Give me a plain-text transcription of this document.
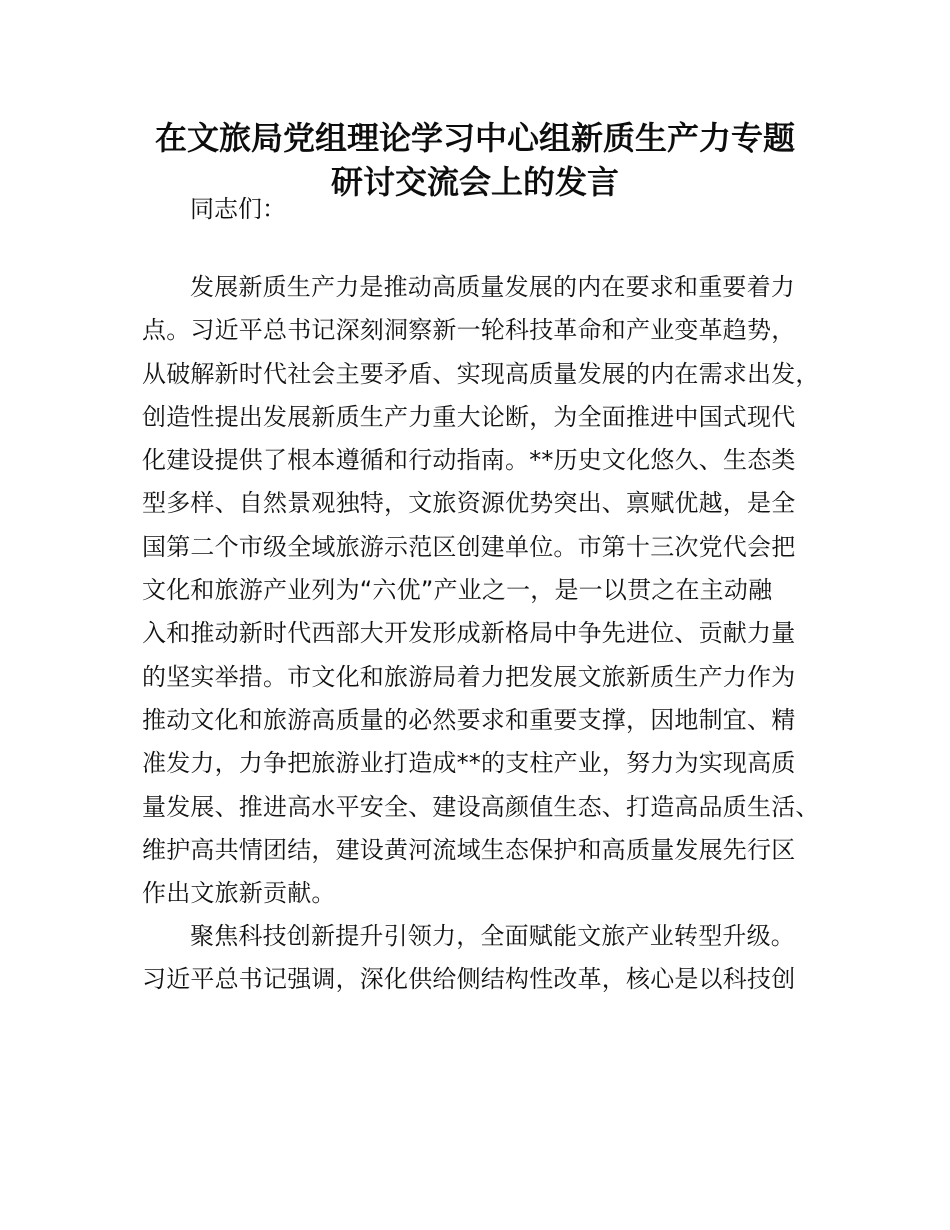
在文旅局党组理论学习中心组新质生产力专题
研讨交流会上的发言

同志们：

发展新质生产力是推动高质量发展的内在要求和重要着力
点。习近平总书记深刻洞察新一轮科技革命和产业变革趋势，
从破解新时代社会主要矛盾、实现高质量发展的内在需求出发，
创造性提出发展新质生产力重大论断，为全面推进中国式现代
化建设提供了根本遵循和行动指南。**历史文化悠久、生态类
型多样、自然景观独特，文旅资源优势突出、禀赋优越，是全
国第二个市级全域旅游示范区创建单位。市第十三次党代会把
文化和旅游产业列为“六优”产业之一，是一以贯之在主动融
入和推动新时代西部大开发形成新格局中争先进位、贡献力量
的坚实举措。市文化和旅游局着力把发展文旅新质生产力作为
推动文化和旅游高质量的必然要求和重要支撑，因地制宜、精
准发力，力争把旅游业打造成**的支柱产业，努力为实现高质
量发展、推进高水平安全、建设高颜值生态、打造高品质生活、
维护高共情团结，建设黄河流域生态保护和高质量发展先行区
作出文旅新贡献。
聚焦科技创新提升引领力，全面赋能文旅产业转型升级。
习近平总书记强调，深化供给侧结构性改革，核心是以科技创
